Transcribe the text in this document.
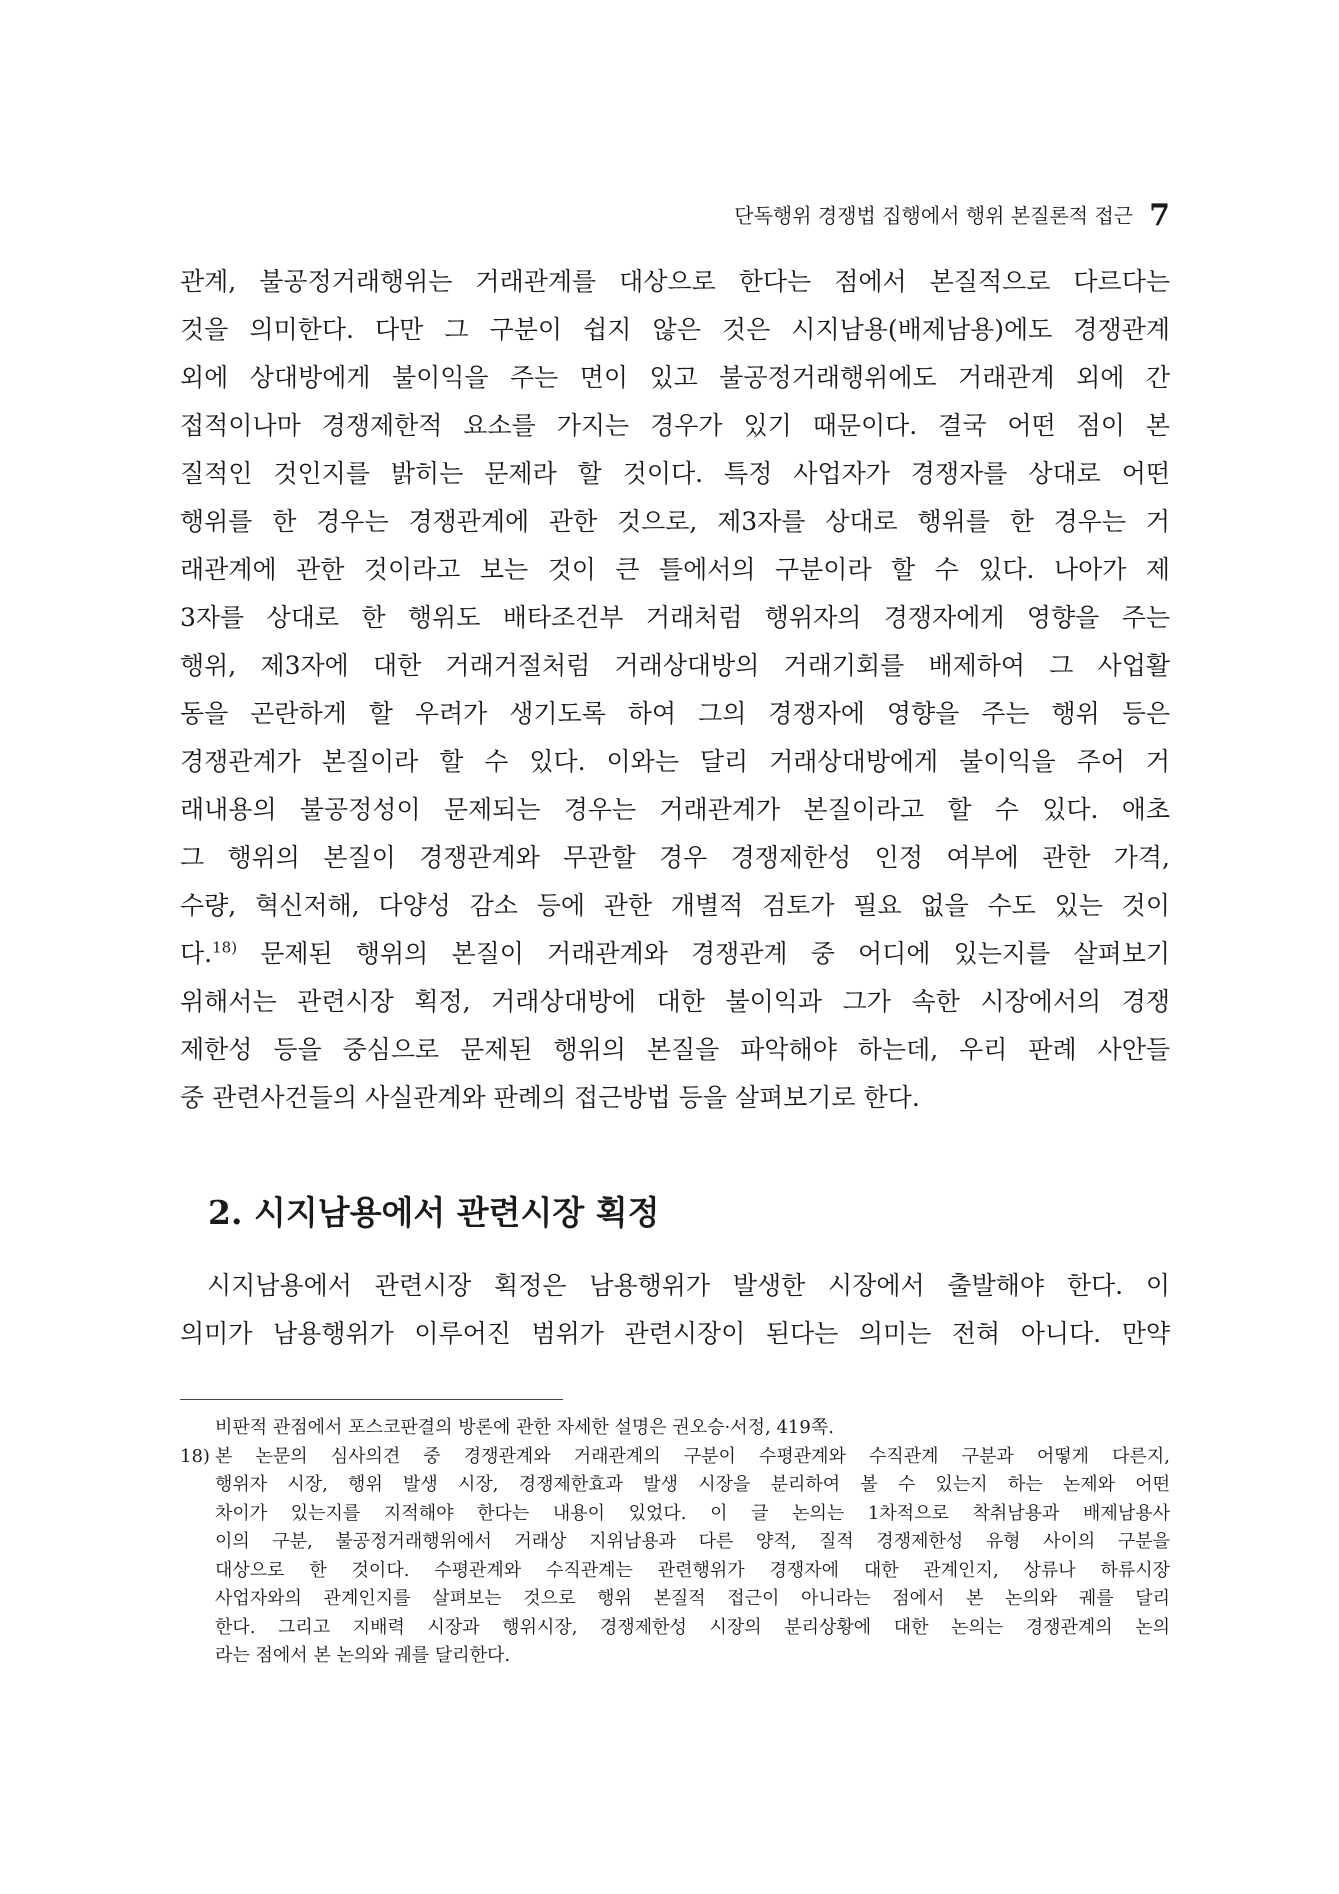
단독행위 경쟁법 집행에서 행위 본질론적 접근 7
관계, 불공정거래행위는 거래관계를 대상으로 한다는 점에서 본질적으로 다르다는
것을 의미한다. 다만 그 구분이 쉽지 않은 것은 시지남용(배제남용)에도 경쟁관계
외에 상대방에게 불이익을 주는 면이 있고 불공정거래행위에도 거래관계 외에 간
접적이나마 경쟁제한적 요소를 가지는 경우가 있기 때문이다. 결국 어떤 점이 본
질적인 것인지를 밝히는 문제라 할 것이다. 특정 사업자가 경쟁자를 상대로 어떤
행위를 한 경우는 경쟁관계에 관한 것으로, 제3자를 상대로 행위를 한 경우는 거
래관계에 관한 것이라고 보는 것이 큰 틀에서의 구분이라 할 수 있다. 나아가 제
3자를 상대로 한 행위도 배타조건부 거래처럼 행위자의 경쟁자에게 영향을 주는
행위, 제3자에 대한 거래거절처럼 거래상대방의 거래기회를 배제하여 그 사업활
동을 곤란하게 할 우려가 생기도록 하여 그의 경쟁자에 영향을 주는 행위 등은
경쟁관계가 본질이라 할 수 있다. 이와는 달리 거래상대방에게 불이익을 주어 거
래내용의 불공정성이 문제되는 경우는 거래관계가 본질이라고 할 수 있다. 애초
그 행위의 본질이 경쟁관계와 무관할 경우 경쟁제한성 인정 여부에 관한 가격,
수량, 혁신저해, 다양성 감소 등에 관한 개별적 검토가 필요 없을 수도 있는 것이
다.$^{18)}$ 문제된 행위의 본질이 거래관계와 경쟁관계 중 어디에 있는지를 살펴보기
위해서는 관련시장 획정, 거래상대방에 대한 불이익과 그가 속한 시장에서의 경쟁
제한성 등을 중심으로 문제된 행위의 본질을 파악해야 하는데, 우리 판례 사안들
중 관련사건들의 사실관계와 판례의 접근방법 등을 살펴보기로 한다.
2. 시지남용에서 관련시장 획정
시지남용에서 관련시장 획정은 남용행위가 발생한 시장에서 출발해야 한다. 이
의미가 남용행위가 이루어진 범위가 관련시장이 된다는 의미는 전혀 아니다. 만약
비판적 관점에서 포스코판결의 방론에 관한 자세한 설명은 권오승·서정, 419쪽.
18) 본 논문의 심사의견 중 경쟁관계와 거래관계의 구분이 수평관계와 수직관계 구분과 어떻게 다른지,
행위자 시장, 행위 발생 시장, 경쟁제한효과 발생 시장을 분리하여 볼 수 있는지 하는 논제와 어떤
차이가 있는지를 지적해야 한다는 내용이 있었다. 이 글 논의는 1차적으로 착취남용과 배제남용사
이의 구분, 불공정거래행위에서 거래상 지위남용과 다른 양적, 질적 경쟁제한성 유형 사이의 구분을
대상으로 한 것이다. 수평관계와 수직관계는 관련행위가 경쟁자에 대한 관계인지, 상류나 하류시장
사업자와의 관계인지를 살펴보는 것으로 행위 본질적 접근이 아니라는 점에서 본 논의와 궤를 달리
한다. 그리고 지배력 시장과 행위시장, 경쟁제한성 시장의 분리상황에 대한 논의는 경쟁관계의 논의
라는 점에서 본 논의와 궤를 달리한다.
